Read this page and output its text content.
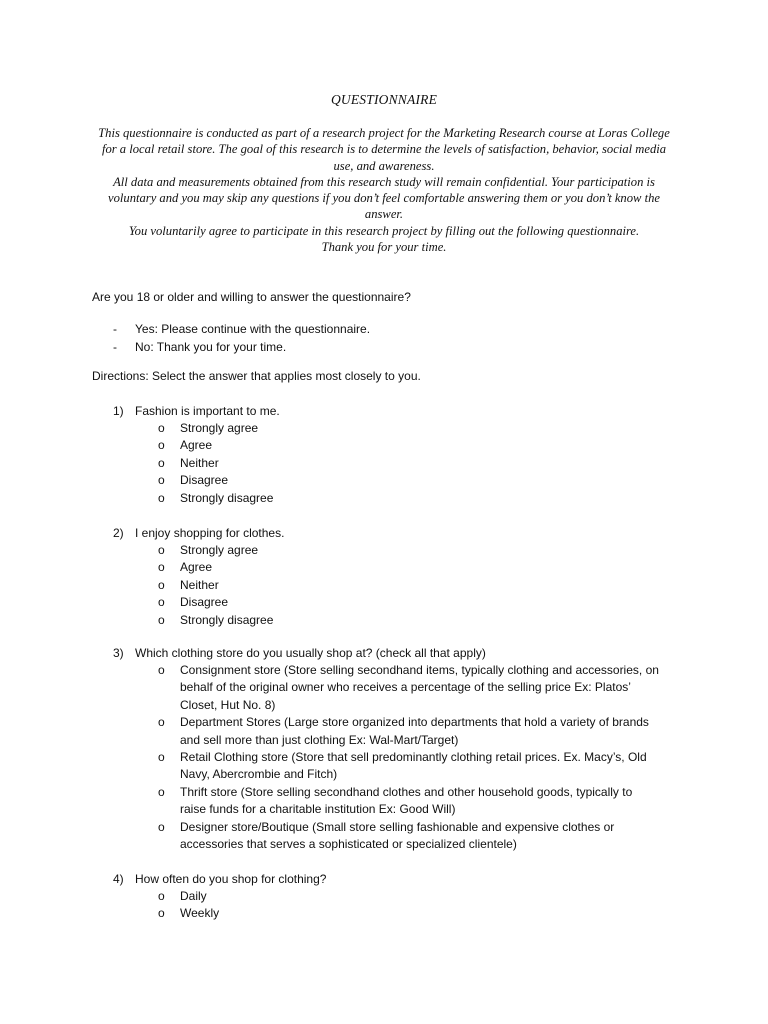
QUESTIONNAIRE

This questionnaire is conducted as part of a research project for the Marketing Research course at Loras College for a local retail store. The goal of this research is to determine the levels of satisfaction, behavior, social media use, and awareness.

All data and measurements obtained from this research study will remain confidential. Your participation is voluntary and you may skip any questions if you don’t feel comfortable answering them or you don’t know the answer.

You voluntarily agree to participate in this research project by filling out the following questionnaire.

Thank you for your time.

Are you 18 or older and willing to answer the questionnaire?
-	Yes: Please continue with the questionnaire.
-	No: Thank you for your time.
Directions: Select the answer that applies most closely to you.
1) Fashion is important to me.
o	Strongly agree
o	Agree
o	Neither
o	Disagree
o	Strongly disagree
2) I enjoy shopping for clothes.
o	Strongly agree
o	Agree
o	Neither
o	Disagree
o	Strongly disagree
3) Which clothing store do you usually shop at? (check all that apply)
o	Consignment store (Store selling secondhand items, typically clothing and accessories, on behalf of the original owner who receives a percentage of the selling price Ex: Platos’ Closet, Hut No. 8)
o	Department Stores (Large store organized into departments that hold a variety of brands and sell more than just clothing Ex: Wal-Mart/Target)
o	Retail Clothing store (Store that sell predominantly clothing retail prices. Ex. Macy’s, Old Navy, Abercrombie and Fitch)
o	Thrift store (Store selling secondhand clothes and other household goods, typically to raise funds for a charitable institution Ex: Good Will)
o	Designer store/Boutique (Small store selling fashionable and expensive clothes or accessories that serves a sophisticated or specialized clientele)
4) How often do you shop for clothing?
o	Daily
o	Weekly
